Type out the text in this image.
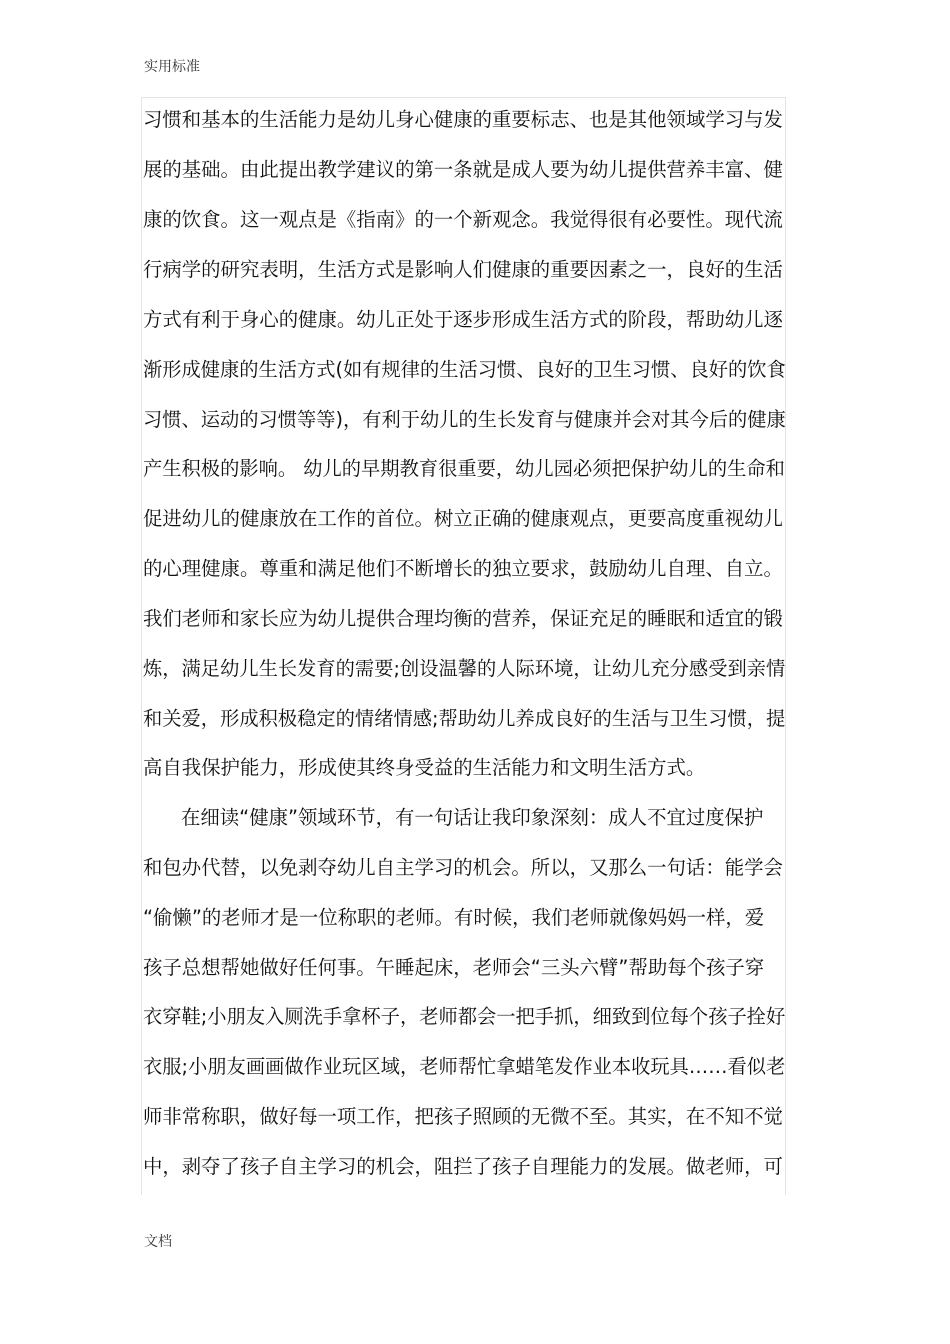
实用标准
习惯和基本的生活能力是幼儿身心健康的重要标志、也是其他领域学习与发
展的基础。由此提出教学建议的第一条就是成人要为幼儿提供营养丰富、健
康的饮食。这一观点是《指南》的一个新观念。我觉得很有必要性。现代流
行病学的研究表明，生活方式是影响人们健康的重要因素之一，良好的生活
方式有利于身心的健康。幼儿正处于逐步形成生活方式的阶段，帮助幼儿逐
渐形成健康的生活方式(如有规律的生活习惯、良好的卫生习惯、良好的饮食
习惯、运动的习惯等等)，有利于幼儿的生长发育与健康并会对其今后的健康
产生积极的影响。 幼儿的早期教育很重要，幼儿园必须把保护幼儿的生命和
促进幼儿的健康放在工作的首位。树立正确的健康观点，更要高度重视幼儿
的心理健康。尊重和满足他们不断增长的独立要求，鼓励幼儿自理、自立。
我们老师和家长应为幼儿提供合理均衡的营养，保证充足的睡眠和适宜的锻
炼，满足幼儿生长发育的需要;创设温馨的人际环境，让幼儿充分感受到亲情
和关爱，形成积极稳定的情绪情感;帮助幼儿养成良好的生活与卫生习惯，提
高自我保护能力，形成使其终身受益的生活能力和文明生活方式。
在细读“健康”领域环节，有一句话让我印象深刻：成人不宜过度保护
和包办代替，以免剥夺幼儿自主学习的机会。所以，又那么一句话：能学会
“偷懒”的老师才是一位称职的老师。有时候，我们老师就像妈妈一样，爱
孩子总想帮她做好任何事。午睡起床，老师会“三头六臂”帮助每个孩子穿
衣穿鞋;小朋友入厕洗手拿杯子，老师都会一把手抓，细致到位每个孩子拴好
衣服;小朋友画画做作业玩区域，老师帮忙拿蜡笔发作业本收玩具……看似老
师非常称职，做好每一项工作，把孩子照顾的无微不至。其实，在不知不觉
中，剥夺了孩子自主学习的机会，阻拦了孩子自理能力的发展。做老师，可
文档
